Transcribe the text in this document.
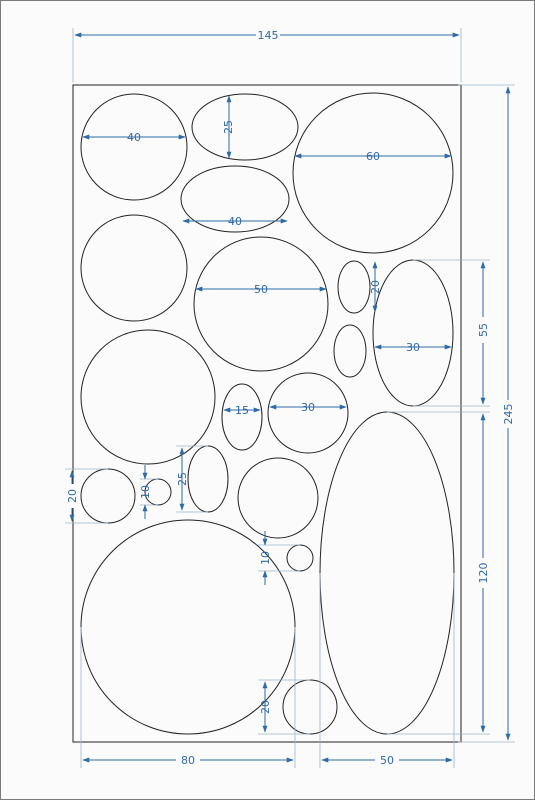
145
245
40
25
40
60
50	20
55
30
15	30
120
20	10
25
10
20
80	50
